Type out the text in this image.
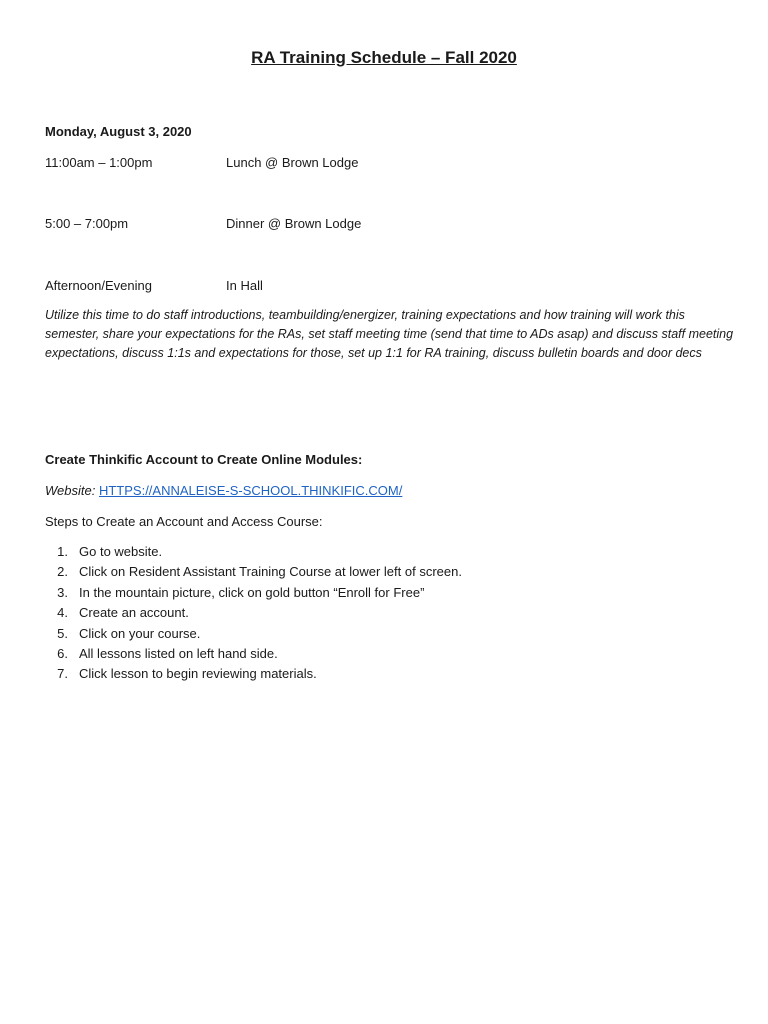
RA Training Schedule – Fall 2020
Monday, August 3, 2020
11:00am – 1:00pm	Lunch @ Brown Lodge
5:00 – 7:00pm	Dinner @ Brown Lodge
Afternoon/Evening	In Hall
Utilize this time to do staff introductions, teambuilding/energizer, training expectations and how training will work this semester, share your expectations for the RAs, set staff meeting time (send that time to ADs asap) and discuss staff meeting expectations, discuss 1:1s and expectations for those, set up 1:1 for RA training, discuss bulletin boards and door decs
Create Thinkific Account to Create Online Modules:
Website: HTTPS://ANNALEISE-S-SCHOOL.THINKIFIC.COM/
Steps to Create an Account and Access Course:
1. Go to website.
2. Click on Resident Assistant Training Course at lower left of screen.
3. In the mountain picture, click on gold button “Enroll for Free”
4. Create an account.
5. Click on your course.
6. All lessons listed on left hand side.
7. Click lesson to begin reviewing materials.
